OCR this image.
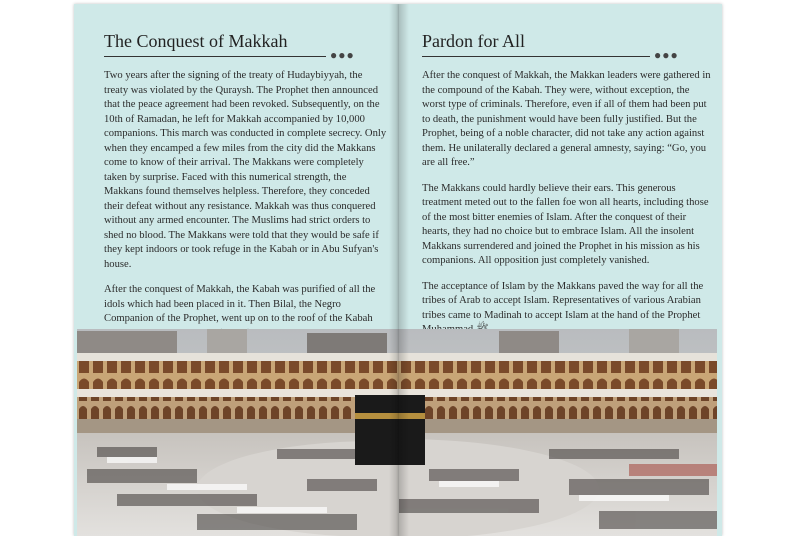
The Conquest of Makkah
●●●

Two years after the signing of the treaty of Hudaybiyyah, the treaty was violated by the Quraysh. The Prophet then announced that the peace agreement had been revoked. Subsequently, on the 10th of Ramadan, he left for Makkah accompanied by 10,000 companions. This march was conducted in complete secrecy. Only when they encamped a few miles from the city did the Makkans come to know of their arrival. The Makkans were completely taken by surprise. Faced with this numerical strength, the Makkans found themselves helpless. Therefore, they conceded their defeat without any resistance. Makkah was thus conquered without any armed encounter. The Muslims had strict orders to shed no blood. The Makkans were told that they would be safe if they kept indoors or took refuge in the Kabah or in Abu Sufyan's house.

After the conquest of Makkah, the Kabah was purified of all the idols which had been placed in it. Then Bilal, the Negro Companion of the Prophet, went up on to the roof of the Kabah

Pardon for All
●●●

After the conquest of Makkah, the Makkan leaders were gathered in the compound of the Kabah. They were, without exception, the worst type of criminals. Therefore, even if all of them had been put to death, the punishment would have been fully justified. But the Prophet, being of a noble character, did not take any action against them. He unilaterally declared a general amnesty, saying: “Go, you are all free.”

The Makkans could hardly believe their ears. This generous treatment meted out to the fallen foe won all hearts, including those of the most bitter enemies of Islam. After the conquest of their hearts, they had no choice but to embrace Islam. All the insolent Makkans surrendered and joined the Prophet in his mission as his companions. All opposition just completely vanished.

The acceptance of Islam by the Makkans paved the way for all the tribes of Arab to accept Islam. Representatives of various Arabian tribes came to Madinah to accept Islam at the hand of the Prophet
